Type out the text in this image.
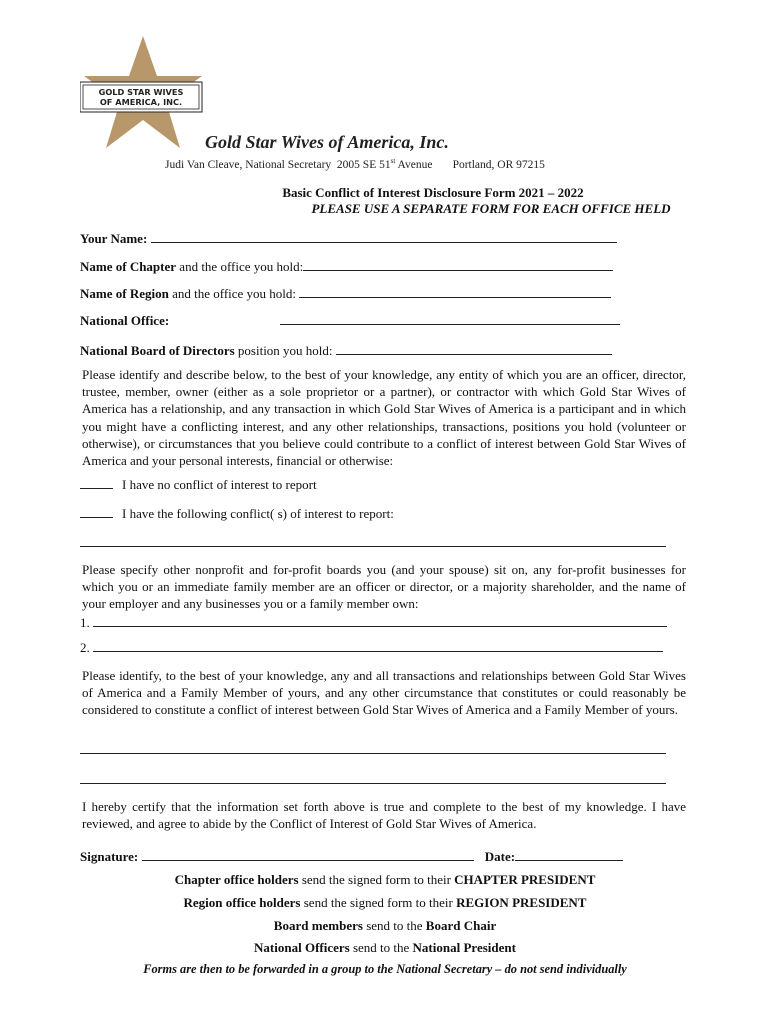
GOLD STAR WIVES
OF AMERICA, INC.
Gold Star Wives of America, Inc.
Judi Van Cleave, National Secretary 2005 SE 51st Avenue Portland, OR 97215
Basic Conflict of Interest Disclosure Form 2021 – 2022
PLEASE USE A SEPARATE FORM FOR EACH OFFICE HELD
Your Name:
Name of Chapter and the office you hold:
Name of Region and the office you hold:
National Office:
National Board of Directors position you hold:
Please identify and describe below, to the best of your knowledge, any entity of which you are an officer, director, trustee, member, owner (either as a sole proprietor or a partner), or contractor with which Gold Star Wives of America has a relationship, and any transaction in which Gold Star Wives of America is a participant and in which you might have a conflicting interest, and any other relationships, transactions, positions you hold (volunteer or otherwise), or circumstances that you believe could contribute to a conflict of interest between Gold Star Wives of America and your personal interests, financial or otherwise:
I have no conflict of interest to report
I have the following conflict( s) of interest to report:
Please specify other nonprofit and for-profit boards you (and your spouse) sit on, any for-profit businesses for which you or an immediate family member are an officer or director, or a majority shareholder, and the name of your employer and any businesses you or a family member own:
1.
2.
Please identify, to the best of your knowledge, any and all transactions and relationships between Gold Star Wives of America and a Family Member of yours, and any other circumstance that constitutes or could reasonably be considered to constitute a conflict of interest between Gold Star Wives of America and a Family Member of yours.
I hereby certify that the information set forth above is true and complete to the best of my knowledge. I have reviewed, and agree to abide by the Conflict of Interest of Gold Star Wives of America.
Signature:	Date:
Chapter office holders send the signed form to their CHAPTER PRESIDENT
Region office holders send the signed form to their REGION PRESIDENT
Board members send to the Board Chair
National Officers send to the National President
Forms are then to be forwarded in a group to the National Secretary – do not send individually
